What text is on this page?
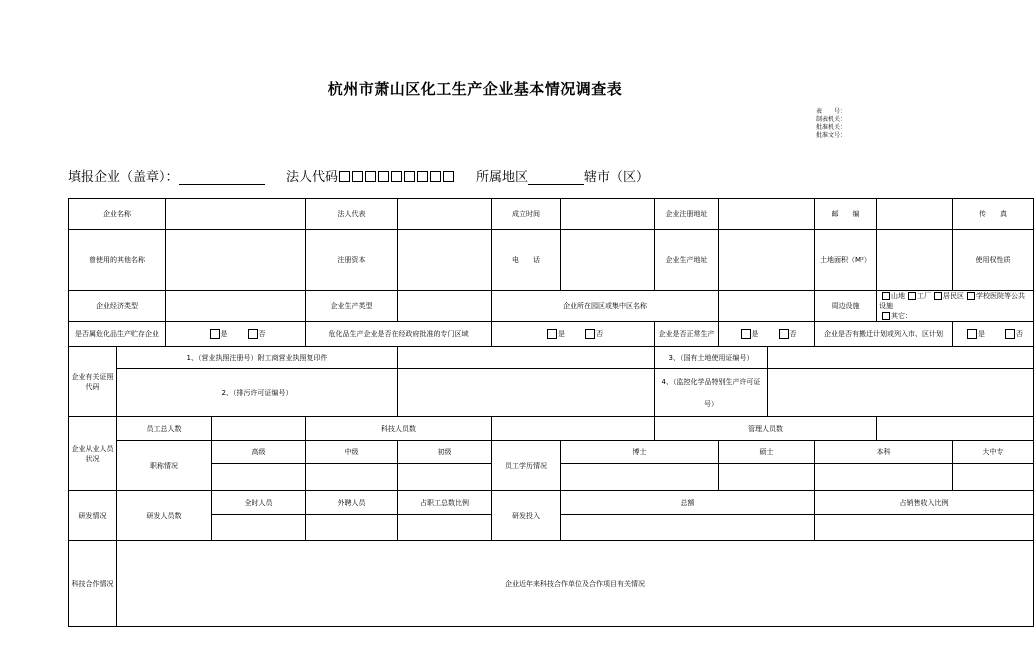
杭州市萧山区化工生产企业基本情况调查表
表　　号：
制表机关：
批准机关：
批准文号：
填报企业（盖章）：	法人代码	所属地区	辖市（区）
企业名称				法人代表		成立时间		企业注册地址			邮　　编		传　　真	
曾使用的其他名称				注册资本		电　　话		企业生产地址			土地面积（M²）		使用权性质	
企业经济类型				企业生产类型		企业所在园区或集中区名称					周边设施	山地 工厂 居民区 学校医院等公共设施
其它：		
是否属危化品生产贮存企业		是 否		危化品生产企业是否在经政府批准的专门区域		是 否		企业是否正常生产	是 否		企业是否有搬迁计划或列入市、区计划		是 否	
企业有关证照代码	1、（营业执照注册号）附工商营业执照复印件							3、（国有土地使用证编号）						
	2、（排污许可证编号）							4、（监控化学品特别生产许可证
号）						
企业从业人员状况	员工总人数			科技人员数				管理人员数						
	职称情况		高级	中级	初级	员工学历情况	博士		硕士		本科		大中专	

研发情况	研发人员数		全时人员	外聘人员	占职工总数比例	研发投入	总额				占销售收入比例			

科技合作情况	企业近年来科技合作单位及合作项目有关情况													
